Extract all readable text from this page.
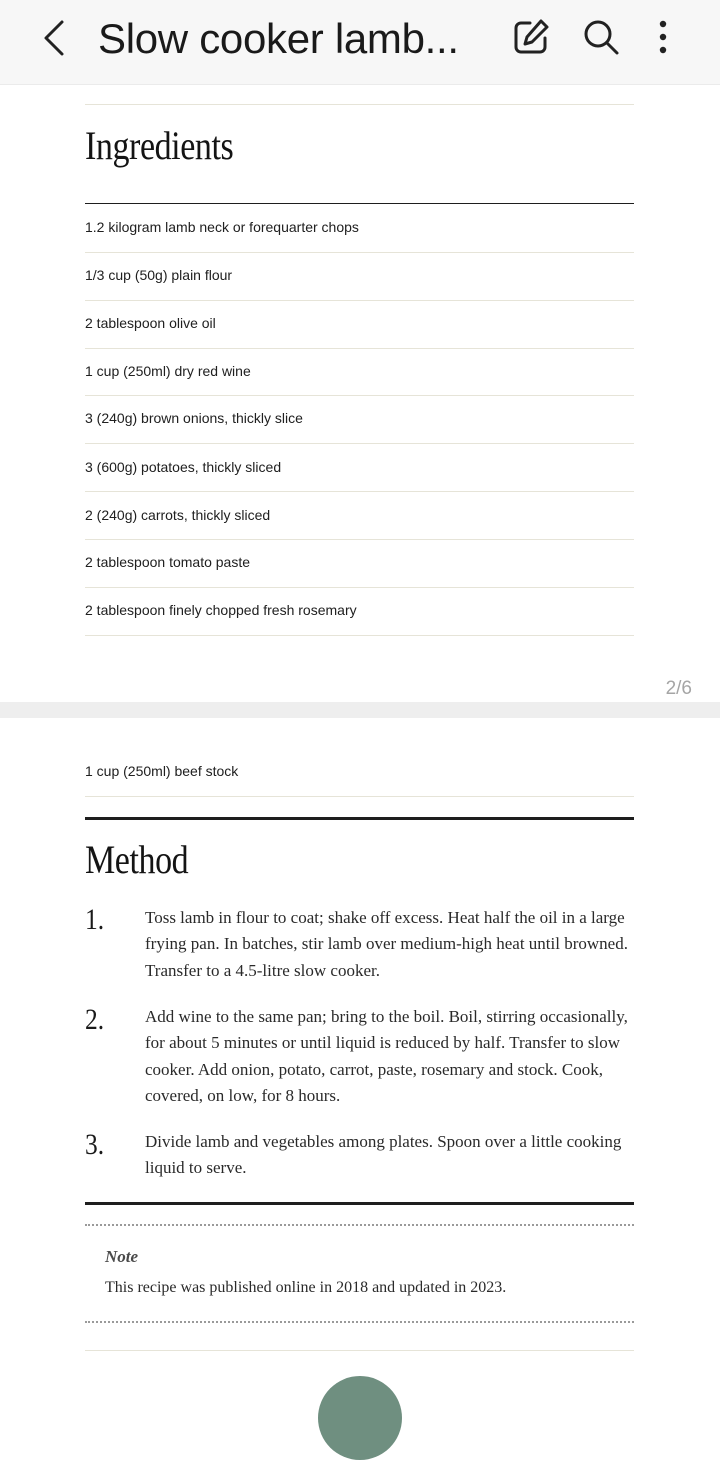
Slow cooker lamb...
Ingredients
1.2 kilogram lamb neck or forequarter chops
1/3 cup (50g) plain flour
2 tablespoon olive oil
1 cup (250ml) dry red wine
3 (240g) brown onions, thickly slice
3 (600g) potatoes, thickly sliced
2 (240g) carrots, thickly sliced
2 tablespoon tomato paste
2 tablespoon finely chopped fresh rosemary
2/6
1 cup (250ml) beef stock
Method
1. Toss lamb in flour to coat; shake off excess. Heat half the oil in a large frying pan. In batches, stir lamb over medium-high heat until browned. Transfer to a 4.5-litre slow cooker.
2. Add wine to the same pan; bring to the boil. Boil, stirring occasionally, for about 5 minutes or until liquid is reduced by half. Transfer to slow cooker. Add onion, potato, carrot, paste, rosemary and stock. Cook, covered, on low, for 8 hours.
3. Divide lamb and vegetables among plates. Spoon over a little cooking liquid to serve.
Note
This recipe was published online in 2018 and updated in 2023.
